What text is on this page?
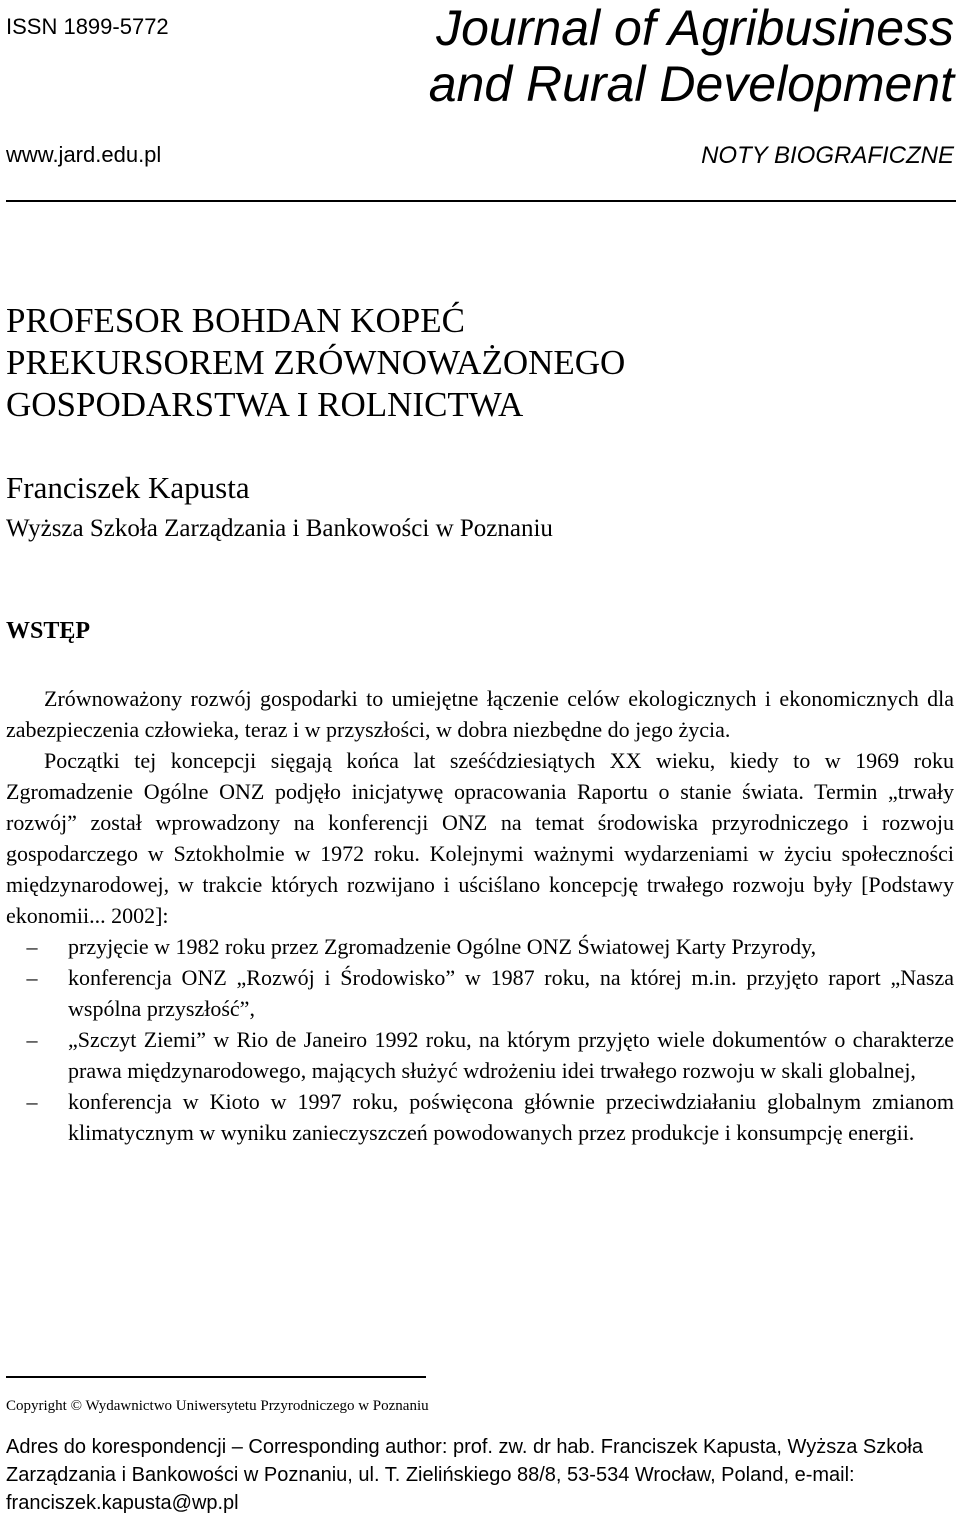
ISSN 1899-5772
www.jard.edu.pl
Journal of Agribusiness
and Rural Development
NOTY BIOGRAFICZNE
PROFESOR BOHDAN KOPEĆ
PREKURSOREM ZRÓWNOWAŻONEGO
GOSPODARSTWA I ROLNICTWA
Franciszek Kapusta
Wyższa Szkoła Zarządzania i Bankowości w Poznaniu
WSTĘP

Zrównoważony rozwój gospodarki to umiejętne łączenie celów ekologicznych i ekonomicznych dla zabezpieczenia człowieka, teraz i w przyszłości, w dobra niezbędne do jego życia.

Początki tej koncepcji sięgają końca lat sześćdziesiątych XX wieku, kiedy to w 1969 roku Zgromadzenie Ogólne ONZ podjęło inicjatywę opracowania Raportu o stanie świata. Termin „trwały rozwój” został wprowadzony na konferencji ONZ na temat środowiska przyrodniczego i rozwoju gospodarczego w Sztokholmie w 1972 roku. Kolejnymi ważnymi wydarzeniami w życiu społeczności międzynarodowej, w trakcie których rozwijano i uściślano koncepcję trwałego rozwoju były [Podstawy ekonomii... 2002]:

–	przyjęcie w 1982 roku przez Zgromadzenie Ogólne ONZ Światowej Karty Przyrody,
–	konferencja ONZ „Rozwój i Środowisko” w 1987 roku, na której m.in. przyjęto raport „Nasza wspólna przyszłość”,
–	„Szczyt Ziemi” w Rio de Janeiro 1992 roku, na którym przyjęto wiele dokumentów o charakterze prawa międzynarodowego, mających służyć wdrożeniu idei trwałego rozwoju w skali globalnej,
–	konferencja w Kioto w 1997 roku, poświęcona głównie przeciwdziałaniu globalnym zmianom klimatycznym w wyniku zanieczyszczeń powodowanych przez produkcje i konsumpcję energii.
Copyright © Wydawnictwo Uniwersytetu Przyrodniczego w Poznaniu
Adres do korespondencji – Corresponding author: prof. zw. dr hab. Franciszek Kapusta, Wyższa Szkoła Zarządzania i Bankowości w Poznaniu, ul. T. Zielińskiego 88/8, 53-534 Wrocław, Poland, e-mail: franciszek.kapusta@wp.pl
